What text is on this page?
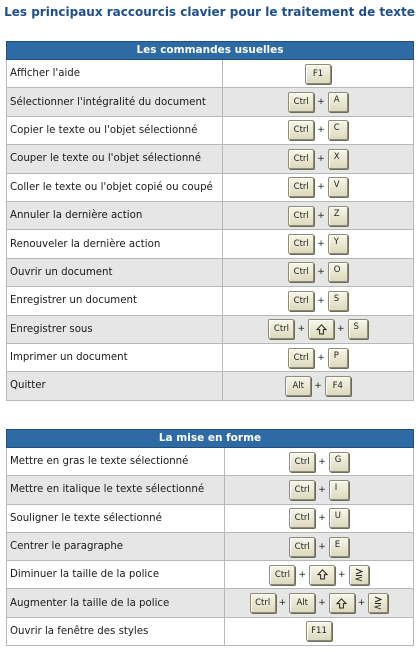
Les principaux raccourcis clavier pour le traitement de texte
Les commandes usuelles
Afficher l'aide	F1
Sélectionner l'intégralité du document	Ctrl +	A
Copier le texte ou l'objet sélectionné	Ctrl +	C
Couper le texte ou l'objet sélectionné	Ctrl +	X
Coller le texte ou l'objet copié ou coupé	Ctrl +	V
Annuler la dernière action	Ctrl +	Z
Renouveler la dernière action	Ctrl +	Y
Ouvrir un document	Ctrl +	O
Enregistrer un document	Ctrl +	S
Enregistrer sous	Ctrl +	+	S
Imprimer un document	Ctrl +	P
Quitter	Alt	+	F4
La mise en forme
Mettre en gras le texte sélectionné	Ctrl +	G
Mettre en italique le texte sélectionné	Ctrl +	I
Souligner le texte sélectionné	Ctrl +	U
Centrer le paragraphe	Ctrl +	E
Diminuer la taille de la police	Ctrl +	+
Augmenter la taille de la police	Ctrl +	Alt	+	+
Ouvrir la fenêtre des styles	F11
